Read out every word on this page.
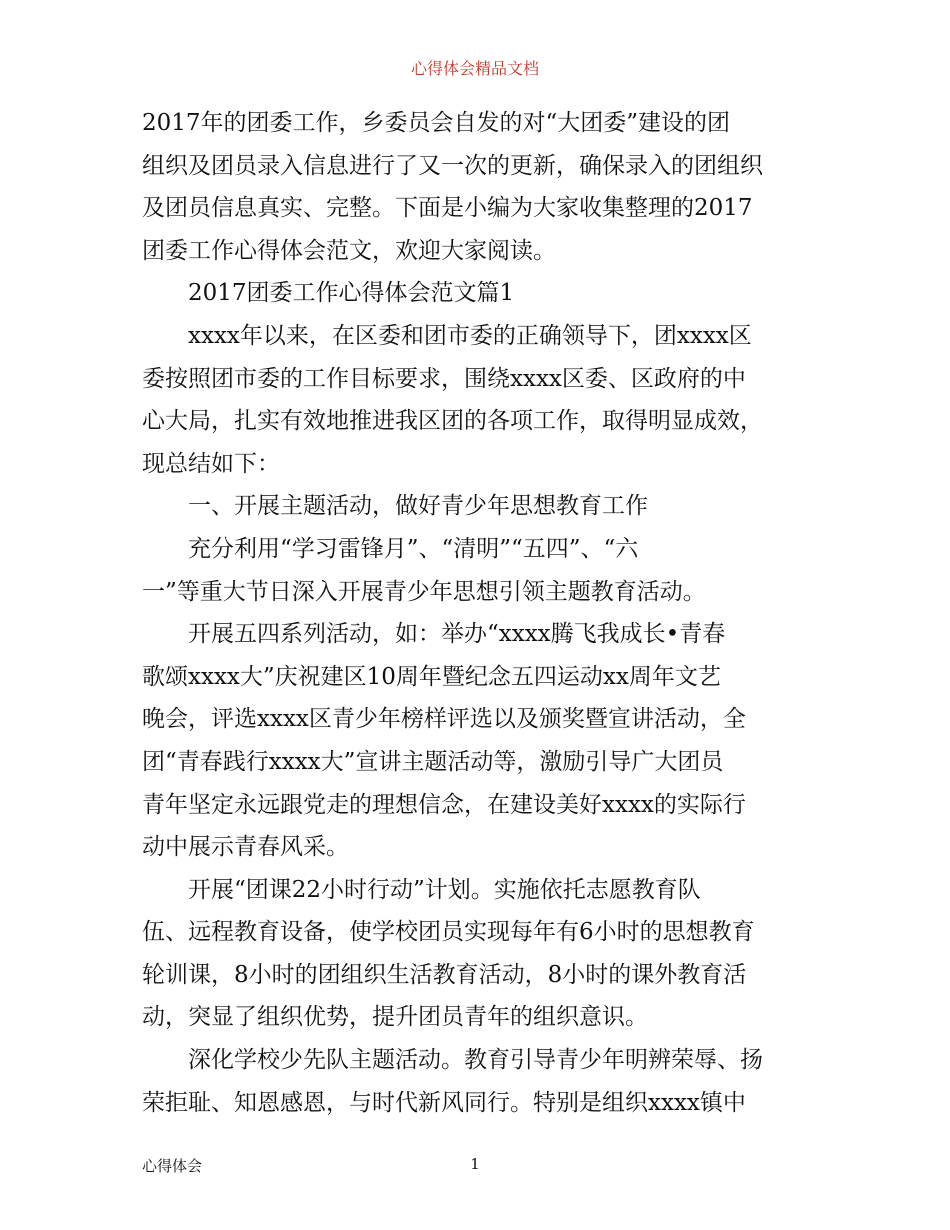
心得体会精品文档
2017年的团委工作，乡委员会自发的对“大团委”建设的团
组织及团员录入信息进行了又一次的更新，确保录入的团组织
及团员信息真实、完整。下面是小编为大家收集整理的2017
团委工作心得体会范文，欢迎大家阅读。
2017团委工作心得体会范文篇1
xxxx年以来，在区委和团市委的正确领导下，团xxxx区
委按照团市委的工作目标要求，围绕xxxx区委、区政府的中
心大局，扎实有效地推进我区团的各项工作，取得明显成效，
现总结如下：
一、开展主题活动，做好青少年思想教育工作
充分利用“学习雷锋月”、“清明”“五四”、“六
一”等重大节日深入开展青少年思想引领主题教育活动。
开展五四系列活动，如：举办“xxxx腾飞我成长•青春
歌颂xxxx大”庆祝建区10周年暨纪念五四运动xx周年文艺
晚会，评选xxxx区青少年榜样评选以及颁奖暨宣讲活动，全
团“青春践行xxxx大”宣讲主题活动等，激励引导广大团员
青年坚定永远跟党走的理想信念，在建设美好xxxx的实际行
动中展示青春风采。
开展“团课22小时行动”计划。实施依托志愿教育队
伍、远程教育设备，使学校团员实现每年有6小时的思想教育
轮训课，8小时的团组织生活教育活动，8小时的课外教育活
动，突显了组织优势，提升团员青年的组织意识。
深化学校少先队主题活动。教育引导青少年明辨荣辱、扬
荣拒耻、知恩感恩，与时代新风同行。特别是组织xxxx镇中
心得体会	1
